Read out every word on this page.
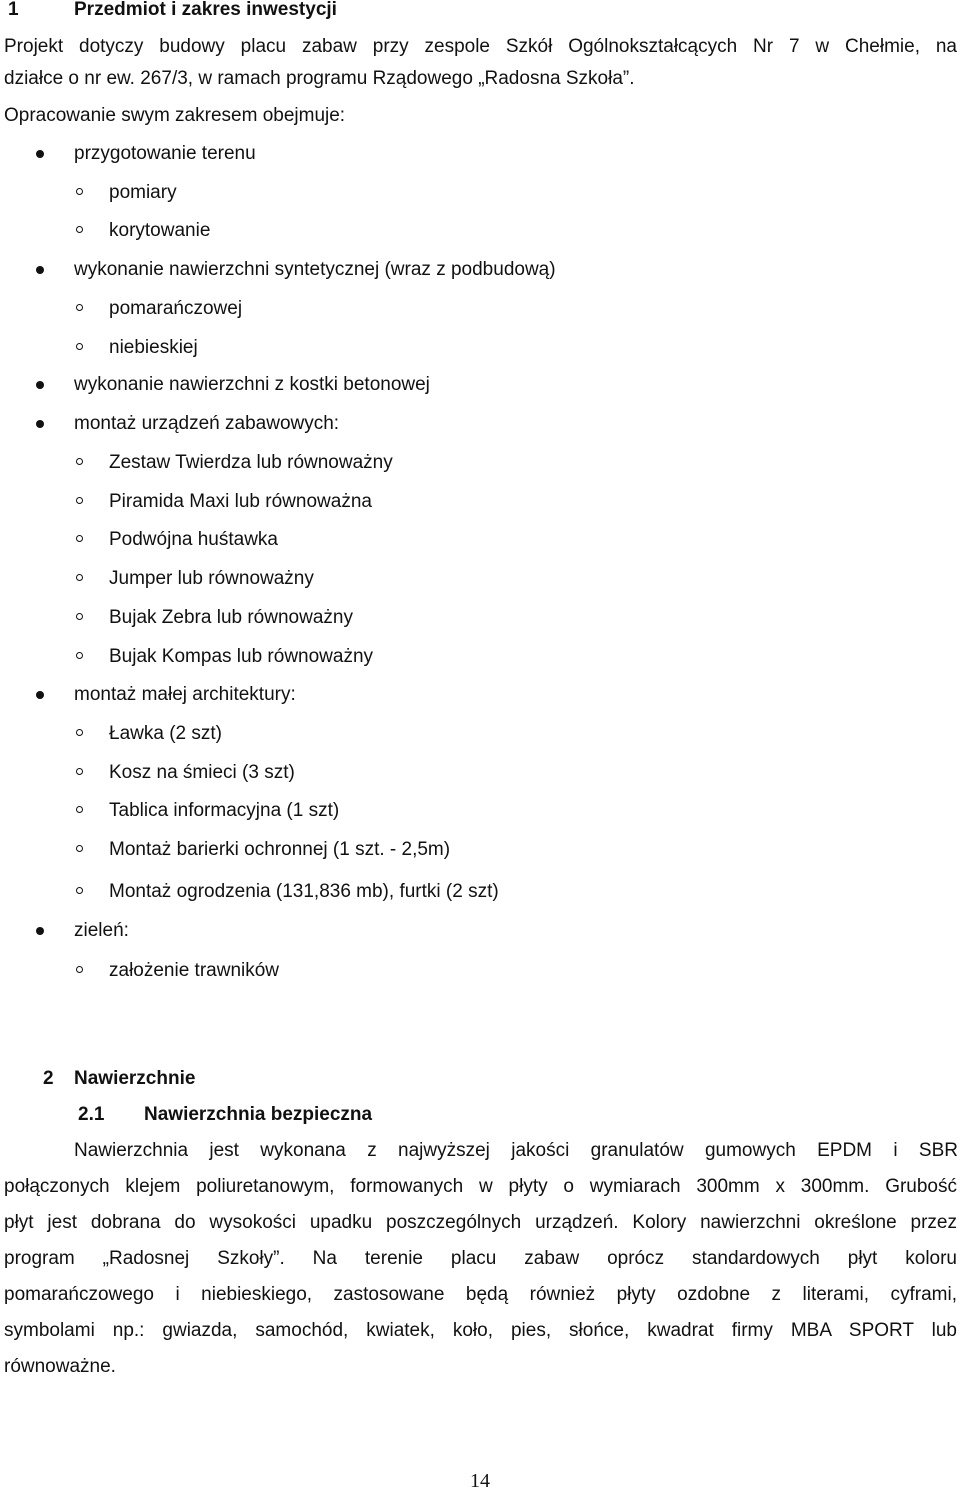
1	Przedmiot i zakres inwestycji
Projekt dotyczy budowy placu zabaw przy zespole Szkół Ogólnokształcących Nr 7 w Chełmie, na
działce o nr ew. 267/3, w ramach programu Rządowego „Radosna Szkoła”.
Opracowanie swym zakresem obejmuje:
przygotowanie terenu
pomiary
korytowanie
wykonanie nawierzchni syntetycznej (wraz z podbudową)
pomarańczowej
niebieskiej
wykonanie nawierzchni z kostki betonowej
montaż urządzeń zabawowych:
Zestaw Twierdza lub równoważny
Piramida Maxi lub równoważna
Podwójna huśtawka
Jumper lub równoważny
Bujak Zebra lub równoważny
Bujak Kompas lub równoważny
montaż małej architektury:
Ławka (2 szt)
Kosz na śmieci (3 szt)
Tablica informacyjna (1 szt)
Montaż barierki ochronnej (1 szt. - 2,5m)
Montaż ogrodzenia (131,836 mb), furtki (2 szt)
zieleń:
założenie trawników
2 Nawierzchnie
2.1 Nawierzchnia bezpieczna
Nawierzchnia jest wykonana z najwyższej jakości granulatów gumowych EPDM i SBR
połączonych klejem poliuretanowym, formowanych w płyty o wymiarach 300mm x 300mm. Grubość
płyt jest dobrana do wysokości upadku poszczególnych urządzeń. Kolory nawierzchni określone przez
program „Radosnej Szkoły”. Na terenie placu zabaw oprócz standardowych płyt koloru
pomarańczowego i niebieskiego, zastosowane będą również płyty ozdobne z literami, cyframi,
symbolami np.: gwiazda, samochód, kwiatek, koło, pies, słońce, kwadrat firmy MBA SPORT lub
równoważne.
14
